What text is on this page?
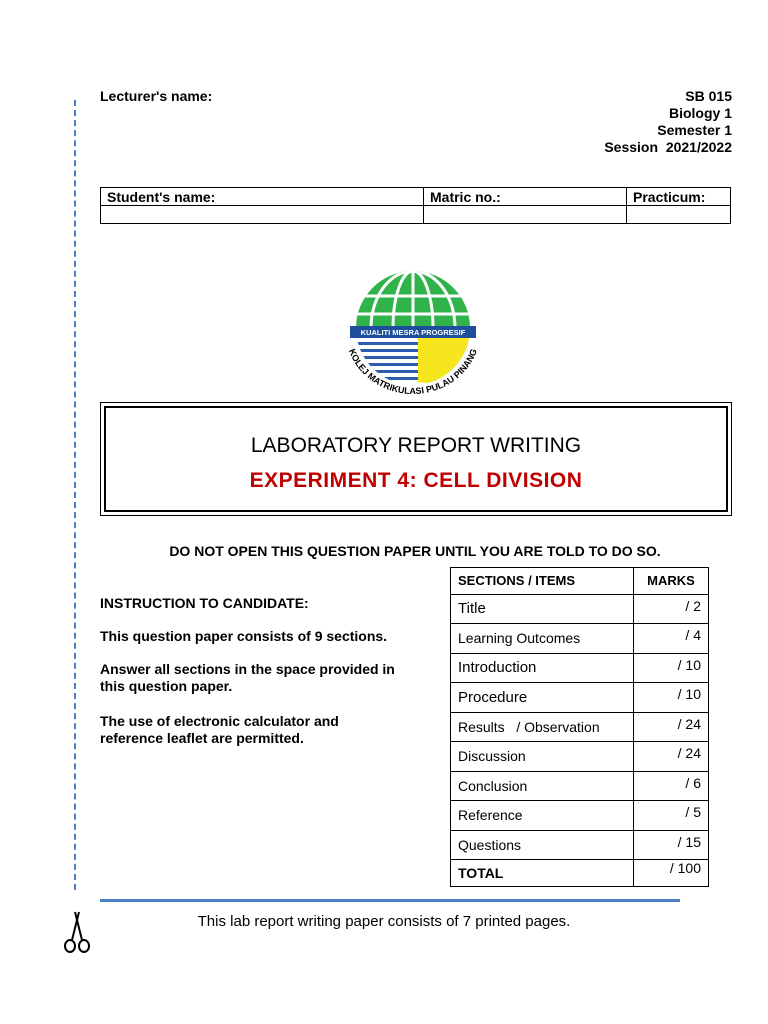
Lecturer's name:	SB 015
Biology 1
Semester 1
Session  2021/2022
Student's name:	Matric no.:	Practicum:

KUALITI MESRA PROGRESIF
KOLEJ MATRIKULASI PULAU PINANG
LABORATORY REPORT WRITING
EXPERIMENT 4: CELL DIVISION
DO NOT OPEN THIS QUESTION PAPER UNTIL YOU ARE TOLD TO DO SO.
INSTRUCTION TO CANDIDATE:
This question paper consists of 9 sections.
Answer all sections in the space provided in this question paper.
The use of electronic calculator and reference leaflet are permitted.
SECTIONS / ITEMS	MARKS
Title	/ 2
Learning Outcomes	/ 4
Introduction	/ 10
Procedure	/ 10
Results   / Observation	/ 24
Discussion	/ 24
Conclusion	/ 6
Reference	/ 5
Questions	/ 15
TOTAL	/ 100
This lab report writing paper consists of 7 printed pages.
